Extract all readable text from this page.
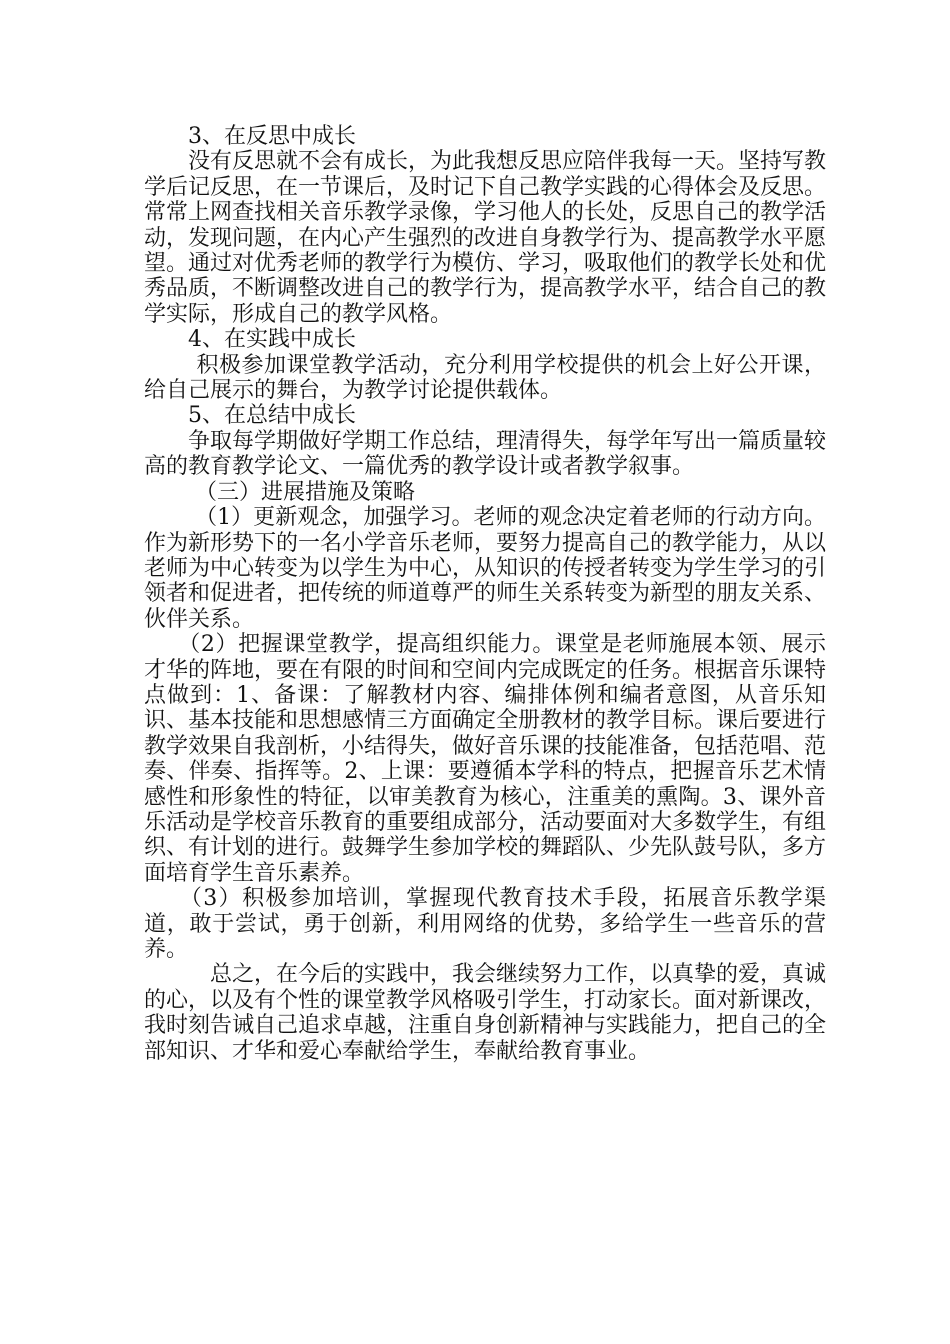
　　3、在反思中成长

　　没有反思就不会有成长，为此我想反思应陪伴我每一天。坚持写教学后记反思，在一节课后，及时记下自己教学实践的心得体会及反思。常常上网查找相关音乐教学录像，学习他人的长处，反思自己的教学活动，发现问题，在内心产生强烈的改进自身教学行为、提高教学水平愿望。通过对优秀老师的教学行为模仿、学习，吸取他们的教学长处和优秀品质，不断调整改进自己的教学行为，提高教学水平，结合自己的教学实际，形成自己的教学风格。

　　4、在实践中成长

　　 积极参加课堂教学活动，充分利用学校提供的机会上好公开课，给自己展示的舞台，为教学讨论提供载体。

　　5、在总结中成长

　　争取每学期做好学期工作总结，理清得失，每学年写出一篇质量较高的教育教学论文、一篇优秀的教学设计或者教学叙事。

　　 （三）进展措施及策略

　　 （1）更新观念，加强学习。老师的观念决定着老师的行动方向。作为新形势下的一名小学音乐老师，要努力提高自己的教学能力，从以老师为中心转变为以学生为中心，从知识的传授者转变为学生学习的引领者和促进者，把传统的师道尊严的师生关系转变为新型的朋友关系、伙伴关系。

　　（2）把握课堂教学，提高组织能力。课堂是老师施展本领、展示才华的阵地，要在有限的时间和空间内完成既定的任务。根据音乐课特点做到：1、备课：了解教材内容、编排体例和编者意图，从音乐知识、基本技能和思想感情三方面确定全册教材的教学目标。课后要进行教学效果自我剖析，小结得失，做好音乐课的技能准备，包括范唱、范奏、伴奏、指挥等。2、上课：要遵循本学科的特点，把握音乐艺术情感性和形象性的特征，以审美教育为核心，注重美的熏陶。3、课外音乐活动是学校音乐教育的重要组成部分，活动要面对大多数学生，有组织、有计划的进行。鼓舞学生参加学校的舞蹈队、少先队鼓号队，多方面培育学生音乐素养。

　　（3）积极参加培训，掌握现代教育技术手段，拓展音乐教学渠道，敢于尝试，勇于创新，利用网络的优势，多给学生一些音乐的营养。

　　　总之，在今后的实践中，我会继续努力工作，以真挚的爱，真诚的心，以及有个性的课堂教学风格吸引学生，打动家长。面对新课改，我时刻告诫自己追求卓越，注重自身创新精神与实践能力，把自己的全部知识、才华和爱心奉献给学生，奉献给教育事业。
